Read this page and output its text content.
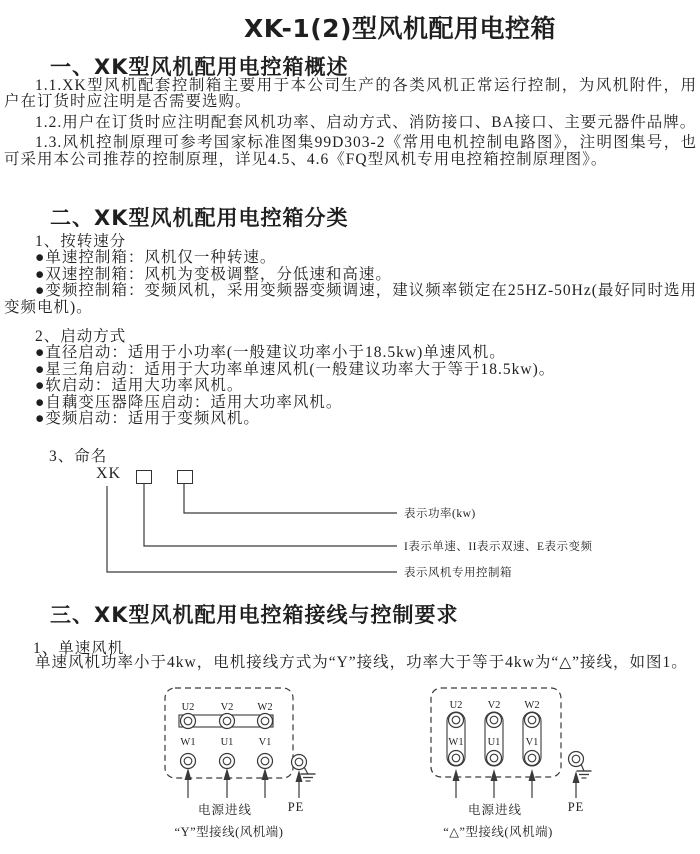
XK-1(2)型风机配用电控箱
一、XK型风机配用电控箱概述

1.1.XK型风机配套控制箱主要用于本公司生产的各类风机正常运行控制，为风机附件，用户在订货时应注明是否需要选购。

1.2.用户在订货时应注明配套风机功率、启动方式、消防接口、BA接口、主要元器件品牌。

1.3.风机控制原理可参考国家标准图集99D303-2《常用电机控制电路图》，注明图集号，也可采用本公司推荐的控制原理，详见4.5、4.6《FQ型风机专用电控箱控制原理图》。

二、XK型风机配用电控箱分类

1、按转速分

●单速控制箱：风机仅一种转速。

●双速控制箱：风机为变极调整，分低速和高速。

●变频控制箱：变频风机，采用变频器变频调速，建议频率锁定在25HZ-50Hz(最好同时选用变频电机)。

2、启动方式

●直径启动：适用于小功率(一般建议功率小于18.5kw)单速风机。

●星三角启动：适用于大功率单速风机(一般建议功率大于等于18.5kw)。

●软启动：适用大功率风机。

●自藕变压器降压启动：适用大功率风机。

●变频启动：适用于变频风机。

3、命名
XK
表示功率(kw)
I表示单速、II表示双速、E表示变频
表示风机专用控制箱
三、XK型风机配用电控箱接线与控制要求
1、单速风机

单速风机功率小于4kw，电机接线方式为“Y”接线，功率大于等于4kw为“△”接线，如图1。

U2	V2	W2
W1	U1	V1
电源进线	PE
“Y”型接线(风机端)
U2	V2	W2
W1	U1	V1
电源进线	PE
“△”型接线(风机端)
